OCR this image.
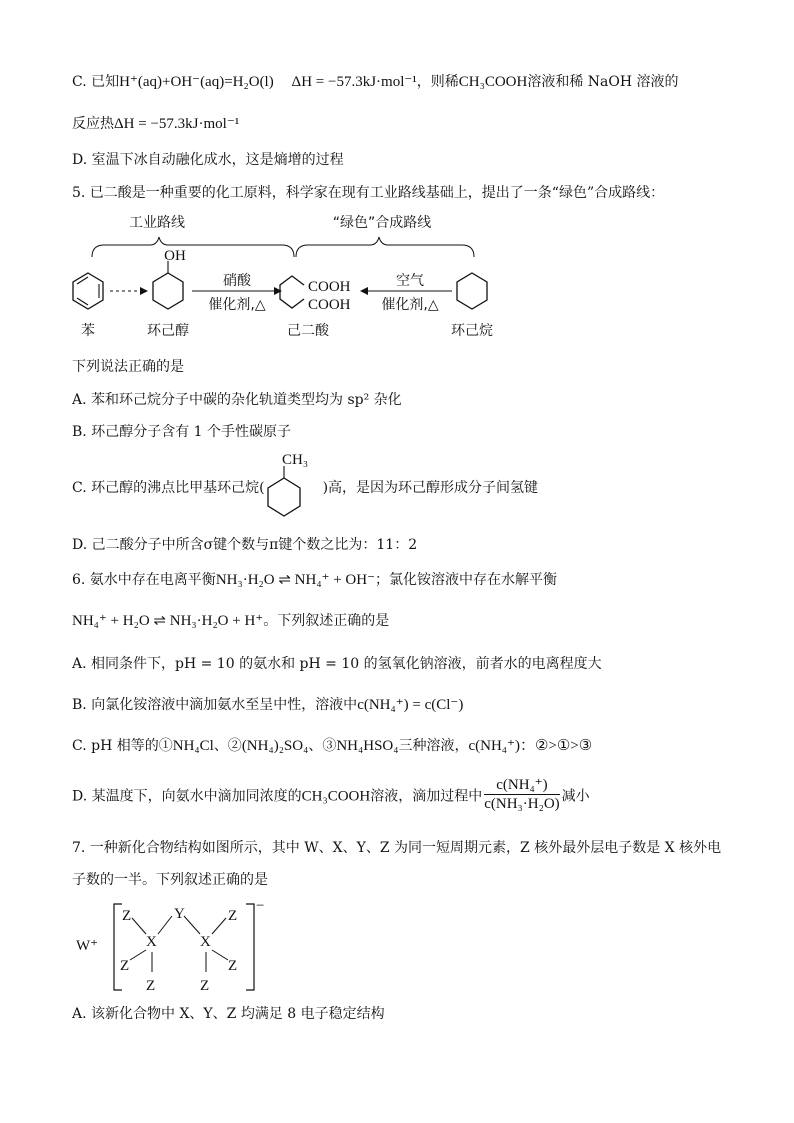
C. 已知H⁺(aq)+OH⁻(aq)=H₂O(l) ΔH = −57.3kJ·mol⁻¹，则稀CH₃COOH溶液和稀 NaOH 溶液的
反应热ΔH = −57.3kJ·mol⁻¹
D. 室温下冰自动融化成水，这是熵增的过程
5. 已二酸是一种重要的化工原料，科学家在现有工业路线基础上，提出了一条“绿色”合成路线：
工业路线	“绿色”合成路线
苯
OH
环己醇
硝酸
催化剂,△
COOH
COOH
己二酸
空气
催化剂,△
环己烷
下列说法正确的是
A. 苯和环己烷分子中碳的杂化轨道类型均为 sp² 杂化
B. 环己醇分子含有 1 个手性碳原子
C. 环己醇的沸点比甲基环己烷(	)高，是因为环己醇形成分子间氢键
CH₃
D. 己二酸分子中所含σ键个数与π键个数之比为：11：2
6. 氨水中存在电离平衡NH₃·H₂O ⇌ NH₄⁺ + OH⁻；氯化铵溶液中存在水解平衡
NH₄⁺ + H₂O ⇌ NH₃·H₂O + H⁺。下列叙述正确的是
A. 相同条件下，pH = 10 的氨水和 pH = 10 的氢氧化钠溶液，前者水的电离程度大
B. 向氯化铵溶液中滴加氨水至呈中性，溶液中c(NH₄⁺) = c(Cl⁻)
C. pH 相等的①NH₄Cl、②(NH₄)₂SO₄、③NH₄HSO₄三种溶液，c(NH₄⁺)：②>①>③
D. 某温度下，向氨水中滴加同浓度的CH₃COOH溶液，滴加过程中 $\frac{\text{c(NH₄⁺)}}{\text{c(NH₃·H₂O)}}$ 减小
7. 一种新化合物结构如图所示，其中 W、X、Y、Z 为同一短周期元素，Z 核外最外层电子数是 X 核外电
子数的一半。下列叙述正确的是
W⁺
−
Z	Y	Z
X	X
Z	Z
Z	Z
A. 该新化合物中 X、Y、Z 均满足 8 电子稳定结构
